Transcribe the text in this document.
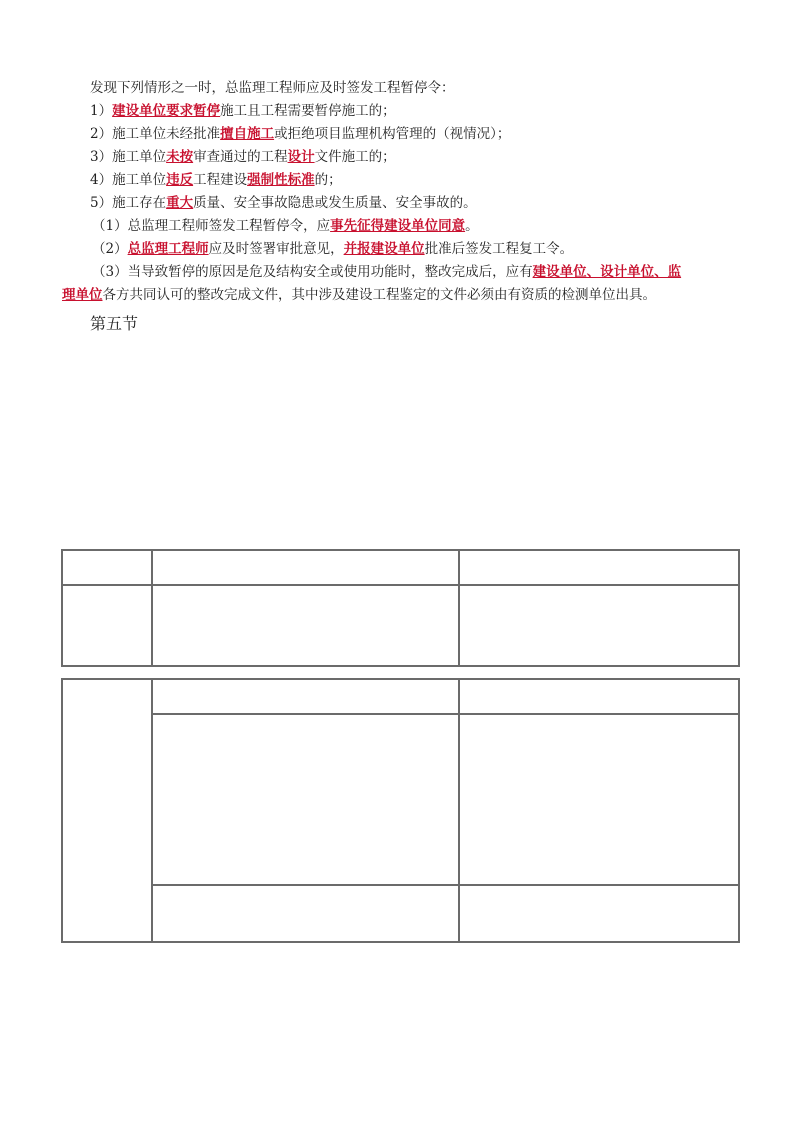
发现下列情形之一时，总监理工程师应及时签发工程暂停令：
1）建设单位要求暂停施工且工程需要暂停施工的；
2）施工单位未经批准擅自施工或拒绝项目监理机构管理的（视情况）；
3）施工单位未按审查通过的工程设计文件施工的；
4）施工单位违反工程建设强制性标准的；
5）施工存在重大质量、安全事故隐患或发生质量、安全事故的。
（1）总监理工程师签发工程暂停令，应事先征得建设单位同意。
（2）总监理工程师应及时签署审批意见，并报建设单位批准后签发工程复工令。
（3）当导致暂停的原因是危及结构安全或使用功能时，整改完成后，应有建设单位、设计单位、监
理单位各方共同认可的整改完成文件，其中涉及建设工程鉴定的文件必须由有资质的检测单位出具。
第五节
